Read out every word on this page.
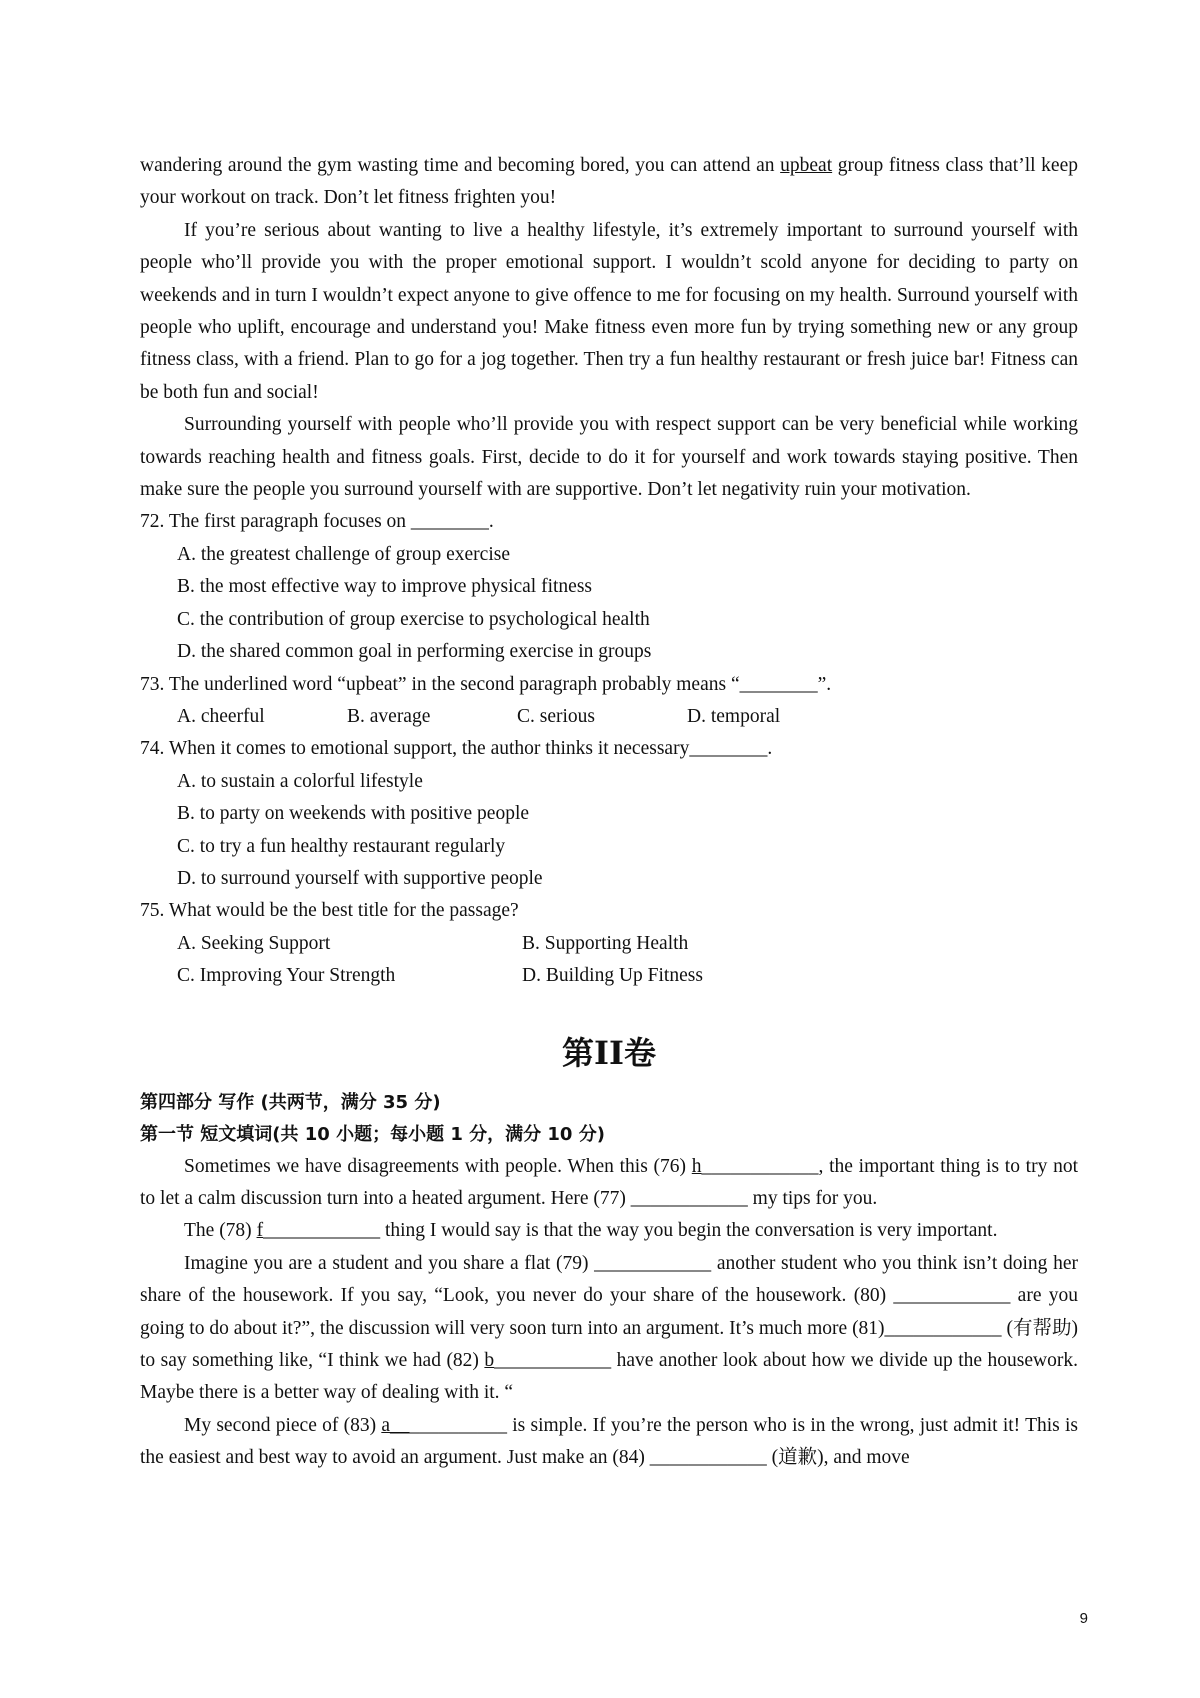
wandering around the gym wasting time and becoming bored, you can attend an upbeat group fitness class that’ll keep your workout on track. Don’t let fitness frighten you!

If you’re serious about wanting to live a healthy lifestyle, it’s extremely important to surround yourself with people who’ll provide you with the proper emotional support. I wouldn’t scold anyone for deciding to party on weekends and in turn I wouldn’t expect anyone to give offence to me for focusing on my health. Surround yourself with people who uplift, encourage and understand you! Make fitness even more fun by trying something new or any group fitness class, with a friend. Plan to go for a jog together. Then try a fun healthy restaurant or fresh juice bar! Fitness can be both fun and social!

Surrounding yourself with people who’ll provide you with respect support can be very beneficial while working towards reaching health and fitness goals. First, decide to do it for yourself and work towards staying positive. Then make sure the people you surround yourself with are supportive. Don’t let negativity ruin your motivation.

72. The first paragraph focuses on ________.

A. the greatest challenge of group exercise

B. the most effective way to improve physical fitness

C. the contribution of group exercise to psychological health

D. the shared common goal in performing exercise in groups

73. The underlined word “upbeat” in the second paragraph probably means “________”.

A. cheerful	B. average	C. serious	D. temporal

74. When it comes to emotional support, the author thinks it necessary________.

A. to sustain a colorful lifestyle

B. to party on weekends with positive people

C. to try a fun healthy restaurant regularly

D. to surround yourself with supportive people

75. What would be the best title for the passage?

A. Seeking Support	B. Supporting Health
C. Improving Your Strength	D. Building Up Fitness
第II卷

第四部分 写作 (共两节，满分 35 分)

第一节 短文填词(共 10 小题；每小题 1 分，满分 10 分)

Sometimes we have disagreements with people. When this (76) h____________, the important thing is to try not to let a calm discussion turn into a heated argument. Here (77) ____________ my tips for you.

The (78) f____________ thing I would say is that the way you begin the conversation is very important.

Imagine you are a student and you share a flat (79) ____________ another student who you think isn’t doing her share of the housework. If you say, “Look, you never do your share of the housework. (80) ____________ are you going to do about it?”, the discussion will very soon turn into an argument. It’s much more (81)____________ (有帮助) to say something like, “I think we had (82) b____________ have another look about how we divide up the housework. Maybe there is a better way of dealing with it. “

My second piece of (83) a____________ is simple. If you’re the person who is in the wrong, just admit it! This is the easiest and best way to avoid an argument. Just make an (84) ____________ (道歉), and move

9
